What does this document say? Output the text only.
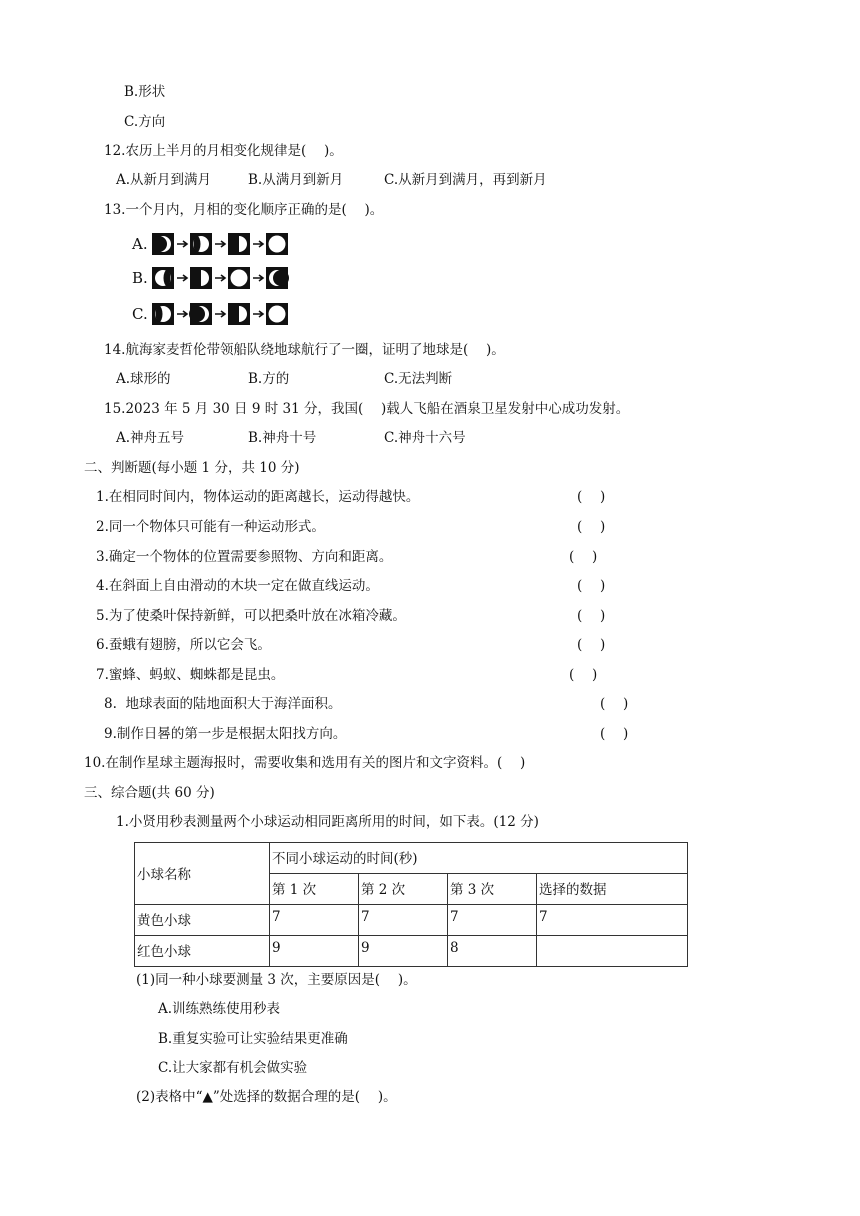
B.形状
C.方向
12.农历上半月的月相变化规律是(　 )。
A.从新月到满月	B.从满月到新月	C.从新月到满月，再到新月
13.一个月内，月相的变化顺序正确的是(　 )。
A.
B.
C.
14.航海家麦哲伦带领船队绕地球航行了一圈，证明了地球是(　 )。
A.球形的	B.方的	C.无法判断
15.2023 年 5 月 30 日 9 时 31 分，我国(　 )载人飞船在酒泉卫星发射中心成功发射。
A.神舟五号	B.神舟十号	C.神舟十六号
二、判断题(每小题 1 分，共 10 分)
1.在相同时间内，物体运动的距离越长，运动得越快。	(　 )
2.同一个物体只可能有一种运动形式。	(　 )
3.确定一个物体的位置需要参照物、方向和距离。	(　 )
4.在斜面上自由滑动的木块一定在做直线运动。	(　 )
5.为了使桑叶保持新鲜，可以把桑叶放在冰箱冷藏。	(　 )
6.蚕蛾有翅膀，所以它会飞。	(　 )
7.蜜蜂、蚂蚁、蜘蛛都是昆虫。	(　 )
8.  地球表面的陆地面积大于海洋面积。	(　 )
9.制作日晷的第一步是根据太阳找方向。	(　 )
10.在制作星球主题海报时，需要收集和选用有关的图片和文字资料。(　 )
三、综合题(共 60 分)
1.小贤用秒表测量两个小球运动相同距离所用的时间，如下表。(12 分)
小球名称	不同小球运动的时间(秒)			
	第 1 次	第 2 次	第 3 次	选择的数据
黄色小球	7	7	7	7
红色小球	9	9	8	
(1)同一种小球要测量 3 次，主要原因是(　 )。
A.训练熟练使用秒表
B.重复实验可让实验结果更准确
C.让大家都有机会做实验
(2)表格中“▲”处选择的数据合理的是(　 )。
